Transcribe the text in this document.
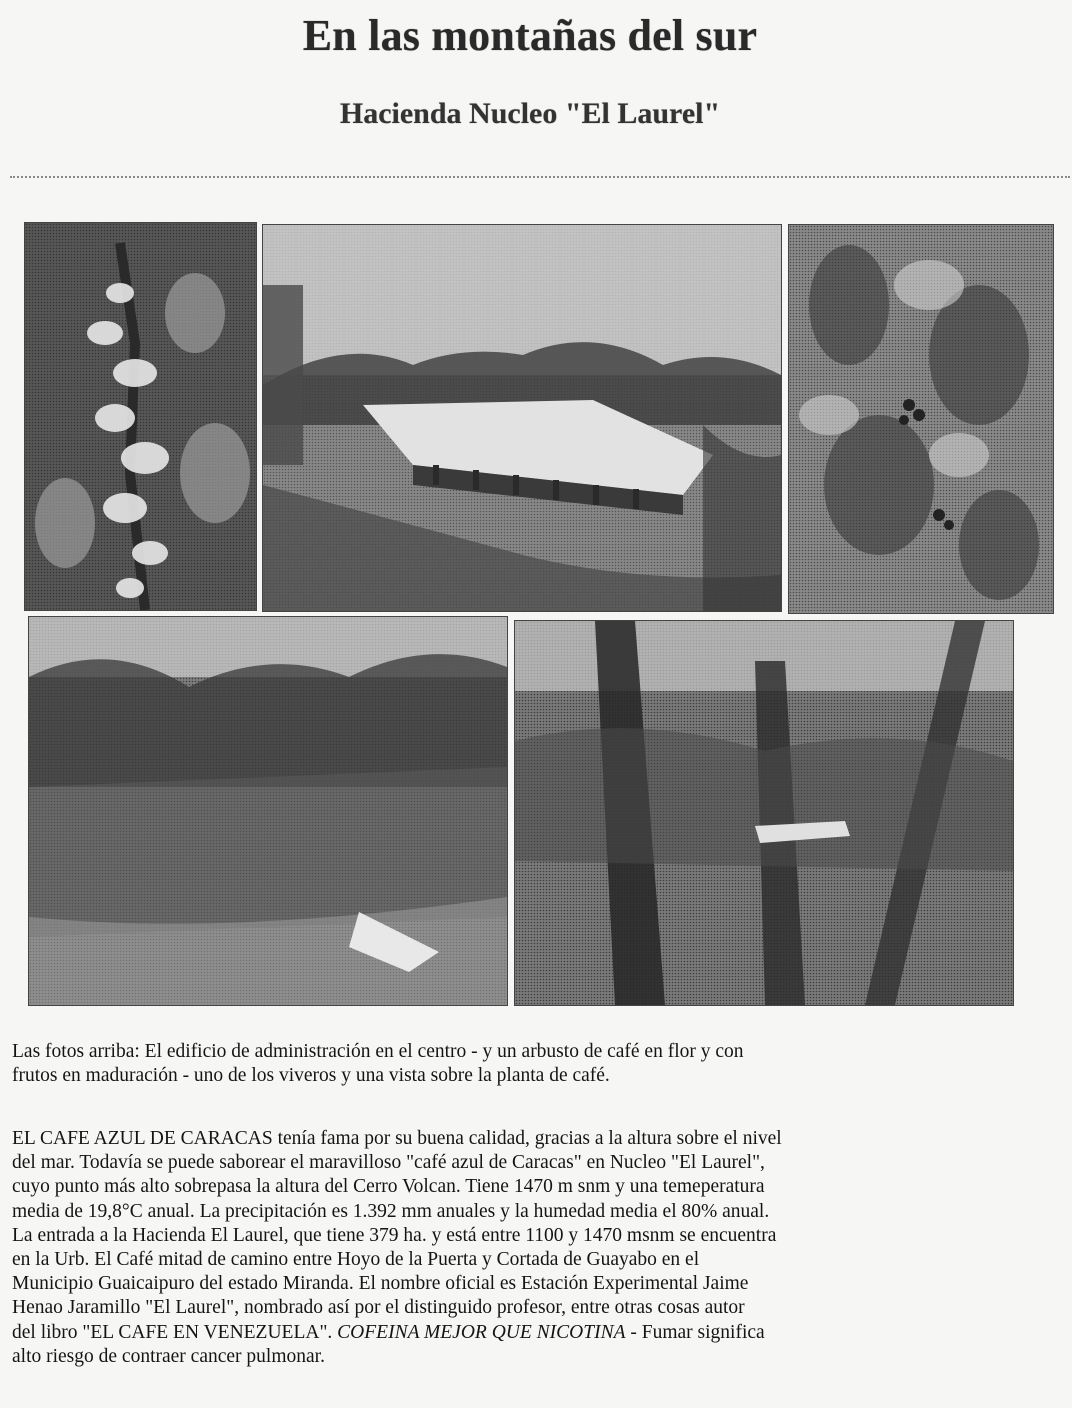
En las montañas del sur
Hacienda Nucleo "El Laurel"
Las fotos arriba: El edificio de administración en el centro - y un arbusto de café en flor y con
frutos en maduración - uno de los viveros y una vista sobre la planta de café.
EL CAFE AZUL DE CARACAS tenía fama por su buena calidad, gracias a la altura sobre el nivel
del mar. Todavía se puede saborear el maravilloso "café azul de Caracas" en Nucleo "El Laurel",
cuyo punto más alto sobrepasa la altura del Cerro Volcan. Tiene 1470 m snm y una temeperatura
media de 19,8°C anual. La precipitación es 1.392 mm anuales y la humedad media el 80% anual.
La entrada a la Hacienda El Laurel, que tiene 379 ha. y está entre 1100 y 1470 msnm se encuentra
en la Urb. El Café mitad de camino entre Hoyo de la Puerta y Cortada de Guayabo en el
Municipio Guaicaipuro del estado Miranda. El nombre oficial es Estación Experimental Jaime
Henao Jaramillo "El Laurel", nombrado así por el distinguido profesor, entre otras cosas autor
del libro "EL CAFE EN VENEZUELA". COFEINA MEJOR QUE NICOTINA - Fumar significa
alto riesgo de contraer cancer pulmonar.
